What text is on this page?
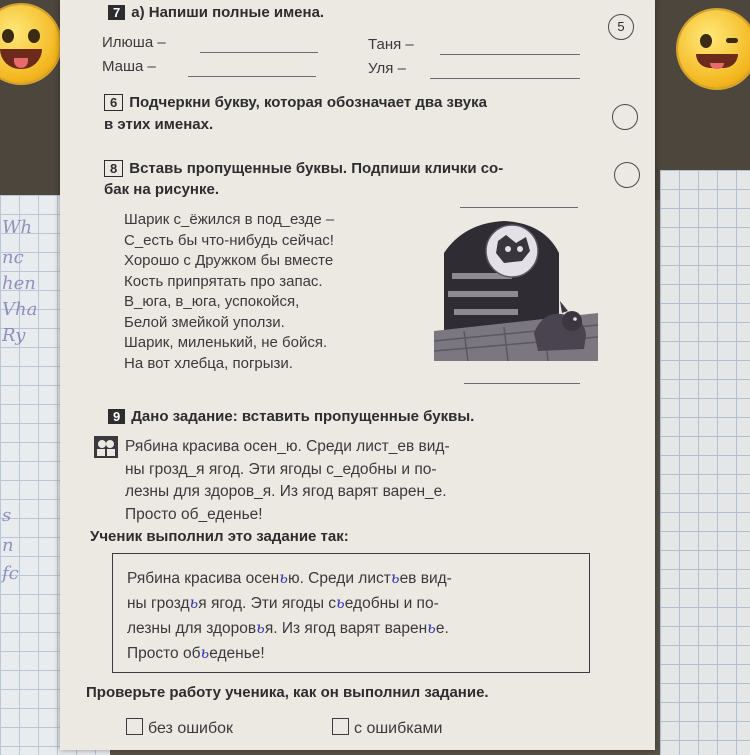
Wh
nc
hen
Vha
Ry
s
n
fc
7 а) Напиши полные имена.
5
Илюша –
Маша –
Таня –
Уля –
6 Подчеркни букву, которая обозначает два звука
в этих именах.
8 Вставь пропущенные буквы. Подпиши клички со-
бак на рисунке.
Шарик с_ёжился в под_езде –
С_есть бы что-нибудь сейчас!
Хорошо с Дружком бы вместе
Кость припрятать про запас.
В_юга, в_юга, успокойся,
Белой змейкой уползи.
Шарик, миленький, не бойся.
На вот хлебца, погрызи.
9 Дано задание: вставить пропущенные буквы.
Рябина красива осен_ю. Среди лист_ев вид-
ны грозд_я ягод. Эти ягоды с_едобны и по-
лезны для здоров_я. Из ягод варят варен_е.
Просто об_еденье!
Ученик выполнил это задание так:
Рябина красива осенью. Среди листьев вид-
ны гроздья ягод. Эти ягоды сьедобны и по-
лезны для здоровья. Из ягод варят варенье.
Просто обьеденье!
Проверьте работу ученика, как он выполнил задание.
без ошибок	с ошибками
